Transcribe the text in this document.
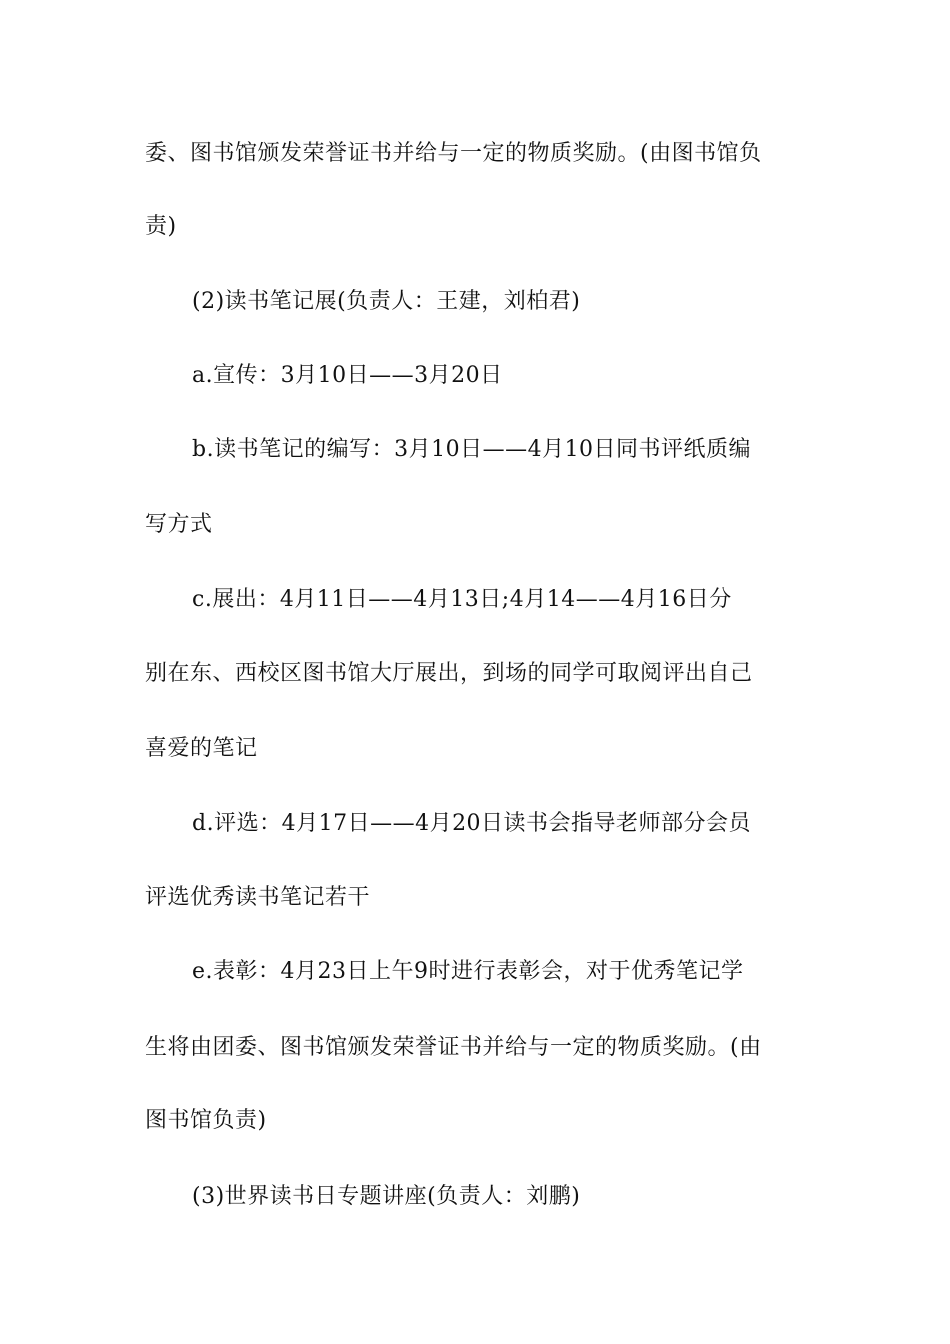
委、图书馆颁发荣誉证书并给与一定的物质奖励。(由图书馆负
责)
(2)读书笔记展(负责人：王建，刘柏君)
a.宣传：3月10日——3月20日
b.读书笔记的编写：3月10日——4月10日同书评纸质编
写方式
c.展出：4月11日——4月13日;4月14——4月16日分
别在东、西校区图书馆大厅展出，到场的同学可取阅评出自己
喜爱的笔记
d.评选：4月17日——4月20日读书会指导老师部分会员
评选优秀读书笔记若干
e.表彰：4月23日上午9时进行表彰会，对于优秀笔记学
生将由团委、图书馆颁发荣誉证书并给与一定的物质奖励。(由
图书馆负责)
(3)世界读书日专题讲座(负责人：刘鹏)
